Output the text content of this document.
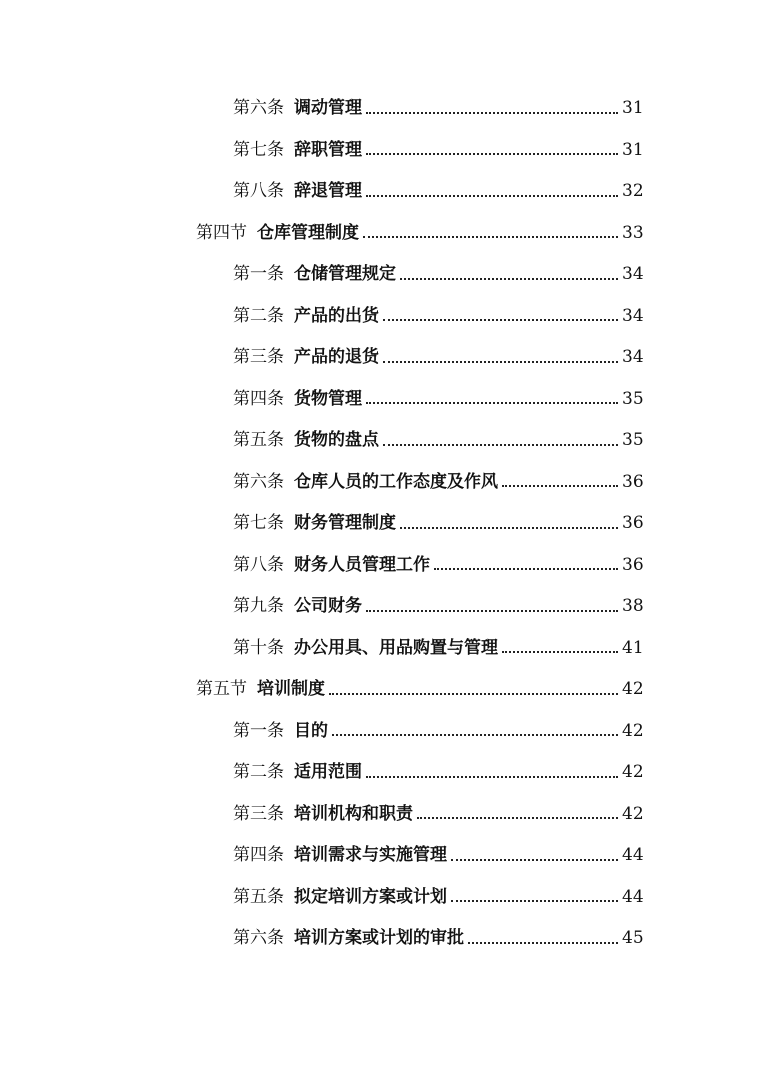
第六条 调动管理	31
第七条 辞职管理	31
第八条 辞退管理	32
第四节 仓库管理制度	33
第一条 仓储管理规定	34
第二条 产品的出货	34
第三条 产品的退货	34
第四条 货物管理	35
第五条 货物的盘点	35
第六条 仓库人员的工作态度及作风	36
第七条 财务管理制度	36
第八条 财务人员管理工作	36
第九条 公司财务	38
第十条 办公用具、用品购置与管理	41
第五节 培训制度	42
第一条 目的	42
第二条 适用范围	42
第三条 培训机构和职责	42
第四条 培训需求与实施管理	44
第五条 拟定培训方案或计划	44
第六条 培训方案或计划的审批	45
